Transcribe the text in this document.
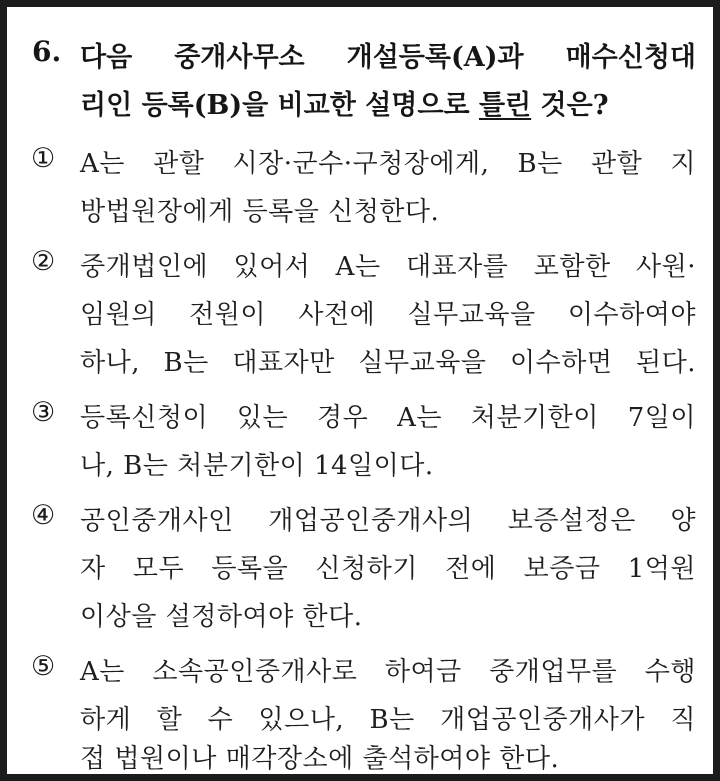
6. 다음 중개사무소 개설등록(A)과 매수신청대
리인 등록(B)을 비교한 설명으로 틀린 것은?
① A는 관할 시장·군수·구청장에게, B는 관할 지
방법원장에게 등록을 신청한다.
② 중개법인에 있어서 A는 대표자를 포함한 사원·
임원의 전원이 사전에 실무교육을 이수하여야
하나, B는 대표자만 실무교육을 이수하면 된다.
③ 등록신청이 있는 경우 A는 처분기한이 7일이
나, B는 처분기한이 14일이다.
④ 공인중개사인 개업공인중개사의 보증설정은 양
자 모두 등록을 신청하기 전에 보증금 1억원
이상을 설정하여야 한다.
⑤ A는 소속공인중개사로 하여금 중개업무를 수행
하게 할 수 있으나, B는 개업공인중개사가 직
접 법원이나 매각장소에 출석하여야 한다.
